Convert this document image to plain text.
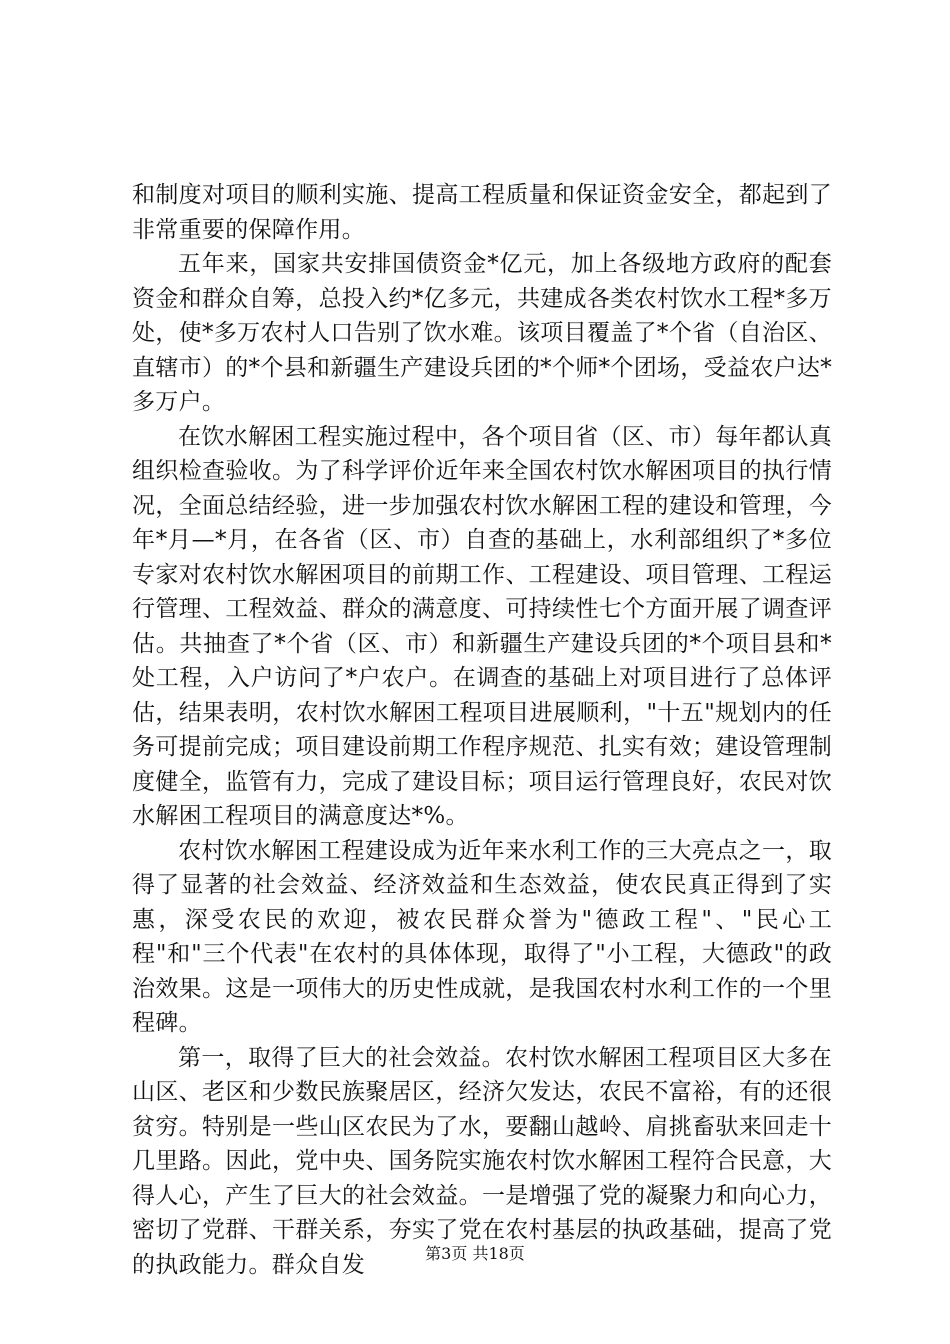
和制度对项目的顺利实施、提高工程质量和保证资金安全，都起到了非常重要的保障作用。

五年来，国家共安排国债资金*亿元，加上各级地方政府的配套资金和群众自筹，总投入约*亿多元，共建成各类农村饮水工程*多万处，使*多万农村人口告别了饮水难。该项目覆盖了*个省（自治区、直辖市）的*个县和新疆生产建设兵团的*个师*个团场，受益农户达*多万户。

在饮水解困工程实施过程中，各个项目省（区、市）每年都认真组织检查验收。为了科学评价近年来全国农村饮水解困项目的执行情况，全面总结经验，进一步加强农村饮水解困工程的建设和管理，今年*月—*月，在各省（区、市）自查的基础上，水利部组织了*多位专家对农村饮水解困项目的前期工作、工程建设、项目管理、工程运行管理、工程效益、群众的满意度、可持续性七个方面开展了调查评估。共抽查了*个省（区、市）和新疆生产建设兵团的*个项目县和*处工程，入户访问了*户农户。在调查的基础上对项目进行了总体评估，结果表明，农村饮水解困工程项目进展顺利，"十五"规划内的任务可提前完成；项目建设前期工作程序规范、扎实有效；建设管理制度健全，监管有力，完成了建设目标；项目运行管理良好，农民对饮水解困工程项目的满意度达*%。

农村饮水解困工程建设成为近年来水利工作的三大亮点之一，取得了显著的社会效益、经济效益和生态效益，使农民真正得到了实惠，深受农民的欢迎，被农民群众誉为"德政工程"、"民心工程"和"三个代表"在农村的具体体现，取得了"小工程，大德政"的政治效果。这是一项伟大的历史性成就，是我国农村水利工作的一个里程碑。

第一，取得了巨大的社会效益。农村饮水解困工程项目区大多在山区、老区和少数民族聚居区，经济欠发达，农民不富裕，有的还很贫穷。特别是一些山区农民为了水，要翻山越岭、肩挑畜驮来回走十几里路。因此，党中央、国务院实施农村饮水解困工程符合民意，大得人心，产生了巨大的社会效益。一是增强了党的凝聚力和向心力，密切了党群、干群关系，夯实了党在农村基层的执政基础，提高了党的执政能力。群众自发	第3页 共18页
